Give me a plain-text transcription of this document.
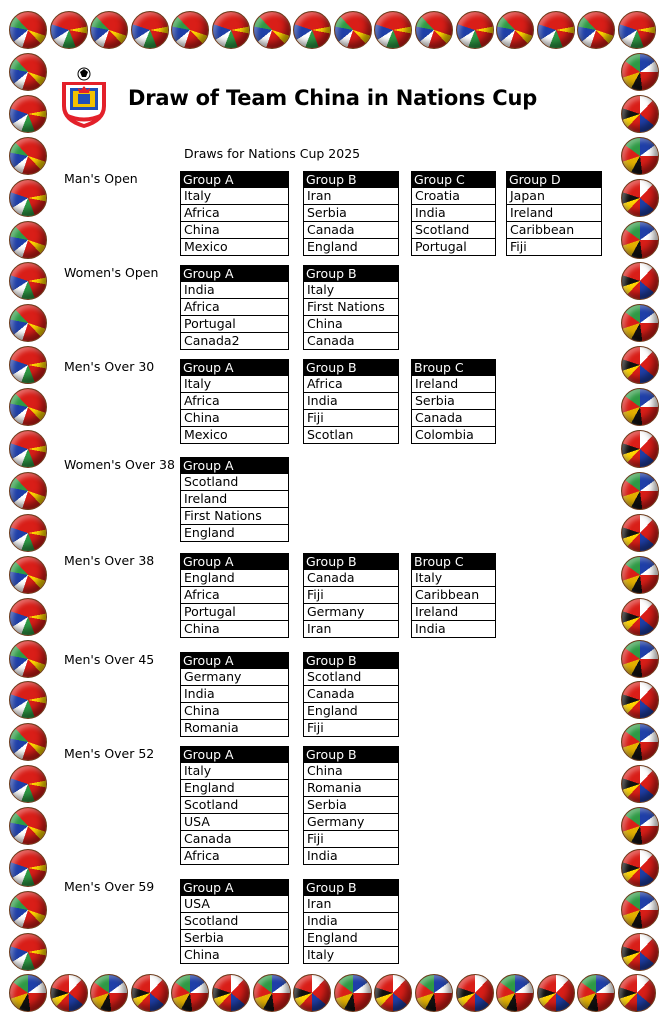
Draw of Team China in Nations Cup
Draws for Nations Cup 2025
Man's Open	Group A
Italy
Africa
China
Mexico
Group B
Iran
Serbia
Canada
England
Group C
Croatia
India
Scotland
Portugal
Group D
Japan
Ireland
Caribbean
Fiji
Women's Open Group A
India
Africa
Portugal
Canada2
Group B
Italy
First Nations
China
Canada
Men's Over 30 Group A
Italy
Africa
China
Mexico
Group B
Africa
India
Fiji
Scotlan
Broup C
Ireland
Serbia
Canada
Colombia
Women's Over 38 Group A
Scotland
Ireland
First Nations
England
Men's Over 38 Group A
England
Africa
Portugal
China
Group B
Canada
Fiji
Germany
Iran
Broup C
Italy
Caribbean
Ireland
India
Men's Over 45 Group A
Germany
India
China
Romania
Group B
Scotland
Canada
England
Fiji
Men's Over 52 Group A
Italy
England
Scotland
USA
Canada
Africa
Group B
China
Romania
Serbia
Germany
Fiji
India
Men's Over 59 Group A
USA
Scotland
Serbia
China
Group B
Iran
India
England
Italy
